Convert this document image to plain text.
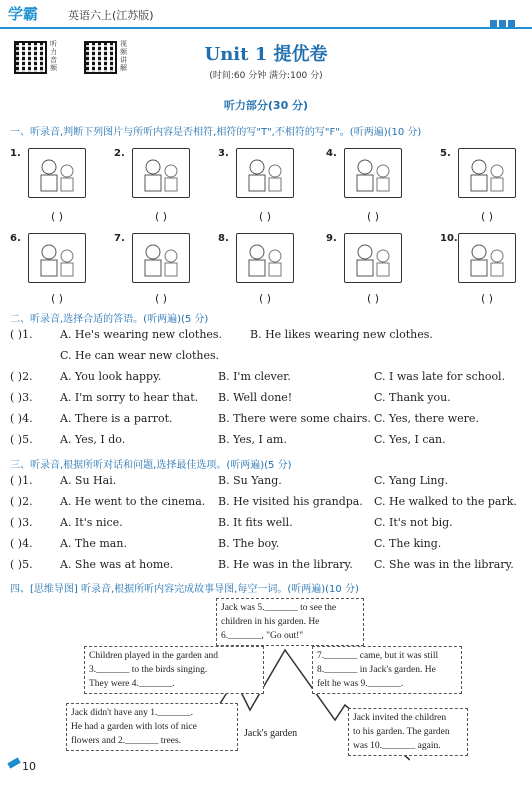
学霸	英语六上(江苏版)
听力音频
视频讲解
Unit 1 提优卷
(时间:60 分钟 满分:100 分)
听力部分(30 分)
一、听录音,判断下列图片与所听内容是否相符,相符的写"T",不相符的写"F"。(听两遍)(10 分)
1.
( )
2.
( )
3.
( )
4.
( )
5.
( )
6.
( )
7.
( )
8.
( )
9.
( )
10.
( )
二、听录音,选择合适的答语。(听两遍)(5 分)
( )1. A. He's wearing new clothes.	B. He likes wearing new clothes.
C. He can wear new clothes.
( )2. A. You look happy.	B. I'm clever.	C. I was late for school.
( )3. A. I'm sorry to hear that. B. Well done!	C. Thank you.
( )4. A. There is a parrot.	B. There were some chairs. C. Yes, there were.
( )5. A. Yes, I do.	B. Yes, I am.	C. Yes, I can.
三、听录音,根据所听对话和问题,选择最佳选项。(听两遍)(5 分)
( )1. A. Su Hai.	B. Su Yang.	C. Yang Ling.
( )2. A. He went to the cinema. B. He visited his grandpa. C. He walked to the park.
( )3. A. It's nice.	B. It fits well.	C. It's not big.
( )4. A. The man.	B. The boy.	C. The king.
( )5. A. She was at home.	B. He was in the library. C. She was in the library.
四、[思维导图] 听录音,根据所听内容完成故事导图,每空一词。(听两遍)(10 分)
Jack was 5._______ to see the
children in his garden. He
6._______, "Go out!"
Children played in the garden and
3._______ to the birds singing.
They were 4._______.
7._______ came, but it was still
8._______ in Jack's garden. He
felt he was 9._______.
Jack didn't have any 1._______.
He had a garden with lots of nice
flowers and 2._______ trees.
Jack invited the children
to his garden. The garden
was 10._______ again.
Jack's garden
10
